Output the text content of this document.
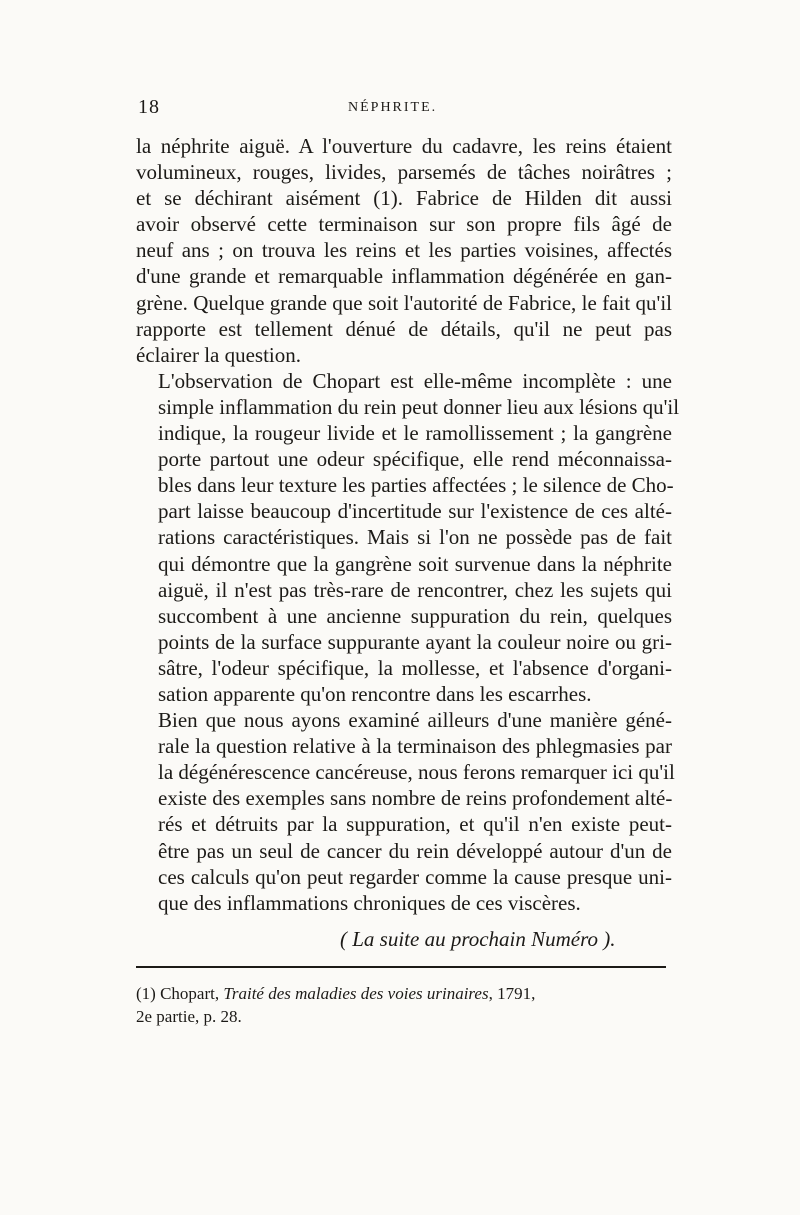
18	NÉPHRITE.

la néphrite aiguë. A l'ouverture du cadavre, les reins étaient
volumineux, rouges, livides, parsemés de tâches noirâtres ;
et se déchirant aisément (1). Fabrice de Hilden dit aussi
avoir observé cette terminaison sur son propre fils âgé de
neuf ans ; on trouva les reins et les parties voisines, affectés
d'une grande et remarquable inflammation dégénérée en gan-
grène. Quelque grande que soit l'autorité de Fabrice, le fait qu'il
rapporte est tellement dénué de détails, qu'il ne peut pas
éclairer la question.

L'observation de Chopart est elle-même incomplète : une
simple inflammation du rein peut donner lieu aux lésions qu'il
indique, la rougeur livide et le ramollissement ; la gangrène
porte partout une odeur spécifique, elle rend méconnaissa-
bles dans leur texture les parties affectées ; le silence de Cho-
part laisse beaucoup d'incertitude sur l'existence de ces alté-
rations caractéristiques. Mais si l'on ne possède pas de fait
qui démontre que la gangrène soit survenue dans la néphrite
aiguë, il n'est pas très-rare de rencontrer, chez les sujets qui
succombent à une ancienne suppuration du rein, quelques
points de la surface suppurante ayant la couleur noire ou gri-
sâtre, l'odeur spécifique, la mollesse, et l'absence d'organi-
sation apparente qu'on rencontre dans les escarrhes.

Bien que nous ayons examiné ailleurs d'une manière géné-
rale la question relative à la terminaison des phlegmasies par
la dégénérescence cancéreuse, nous ferons remarquer ici qu'il
existe des exemples sans nombre de reins profondement alté-
rés et détruits par la suppuration, et qu'il n'en existe peut-
être pas un seul de cancer du rein développé autour d'un de
ces calculs qu'on peut regarder comme la cause presque uni-
que des inflammations chroniques de ces viscères.

( La suite au prochain Numéro ).
(1) Chopart, Traité des maladies des voies urinaires, 1791,
2e partie, p. 28.
